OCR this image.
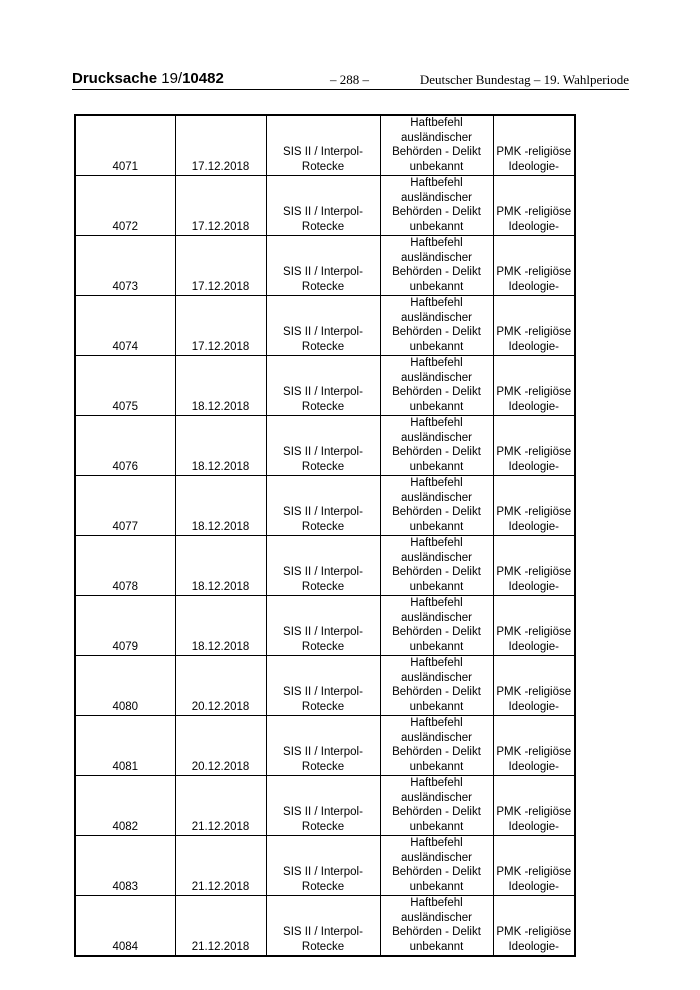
Drucksache 19/10482	– 288 –	Deutscher Bundestag – 19. Wahlperiode
4071	17.12.2018	SIS II / Interpol-Rotecke	Haftbefehl ausländischer Behörden - Delikt unbekannt	PMK -religiöse Ideologie-
4072	17.12.2018	SIS II / Interpol-Rotecke	Haftbefehl ausländischer Behörden - Delikt unbekannt	PMK -religiöse Ideologie-
4073	17.12.2018	SIS II / Interpol-Rotecke	Haftbefehl ausländischer Behörden - Delikt unbekannt	PMK -religiöse Ideologie-
4074	17.12.2018	SIS II / Interpol-Rotecke	Haftbefehl ausländischer Behörden - Delikt unbekannt	PMK -religiöse Ideologie-
4075	18.12.2018	SIS II / Interpol-Rotecke	Haftbefehl ausländischer Behörden - Delikt unbekannt	PMK -religiöse Ideologie-
4076	18.12.2018	SIS II / Interpol-Rotecke	Haftbefehl ausländischer Behörden - Delikt unbekannt	PMK -religiöse Ideologie-
4077	18.12.2018	SIS II / Interpol-Rotecke	Haftbefehl ausländischer Behörden - Delikt unbekannt	PMK -religiöse Ideologie-
4078	18.12.2018	SIS II / Interpol-Rotecke	Haftbefehl ausländischer Behörden - Delikt unbekannt	PMK -religiöse Ideologie-
4079	18.12.2018	SIS II / Interpol-Rotecke	Haftbefehl ausländischer Behörden - Delikt unbekannt	PMK -religiöse Ideologie-
4080	20.12.2018	SIS II / Interpol-Rotecke	Haftbefehl ausländischer Behörden - Delikt unbekannt	PMK -religiöse Ideologie-
4081	20.12.2018	SIS II / Interpol-Rotecke	Haftbefehl ausländischer Behörden - Delikt unbekannt	PMK -religiöse Ideologie-
4082	21.12.2018	SIS II / Interpol-Rotecke	Haftbefehl ausländischer Behörden - Delikt unbekannt	PMK -religiöse Ideologie-
4083	21.12.2018	SIS II / Interpol-Rotecke	Haftbefehl ausländischer Behörden - Delikt unbekannt	PMK -religiöse Ideologie-
4084	21.12.2018	SIS II / Interpol-Rotecke	Haftbefehl ausländischer Behörden - Delikt unbekannt	PMK -religiöse Ideologie-
